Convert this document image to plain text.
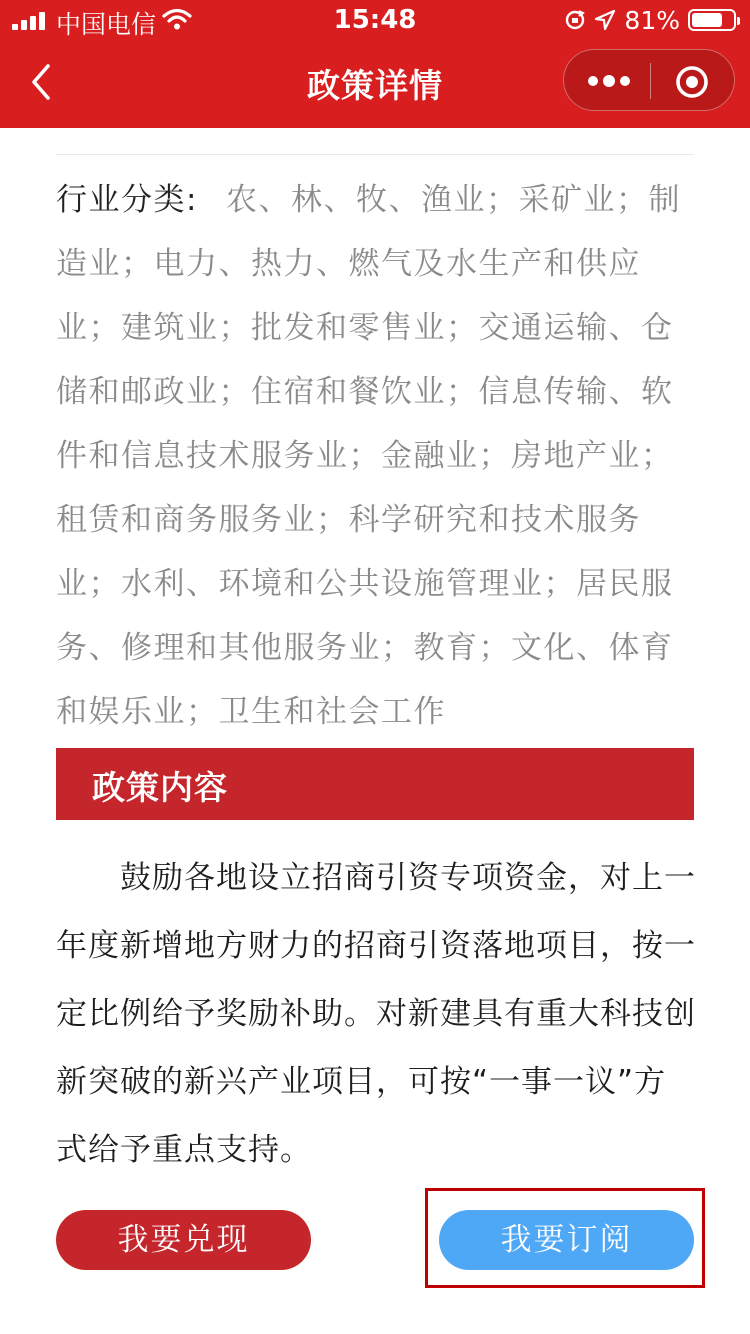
中国电信	15:48	81%
政策详情
行业分类: 农、林、牧、渔业；采矿业；制造业；电力、热力、燃气及水生产和供应业；建筑业；批发和零售业；交通运输、仓储和邮政业；住宿和餐饮业；信息传输、软件和信息技术服务业；金融业；房地产业；租赁和商务服务业；科学研究和技术服务业；水利、环境和公共设施管理业；居民服务、修理和其他服务业；教育；文化、体育和娱乐业；卫生和社会工作
政策内容
鼓励各地设立招商引资专项资金，对上一年度新增地方财力的招商引资落地项目，按一定比例给予奖励补助。对新建具有重大科技创新突破的新兴产业项目，可按“一事一议”方式给予重点支持。
我要兑现	我要订阅
